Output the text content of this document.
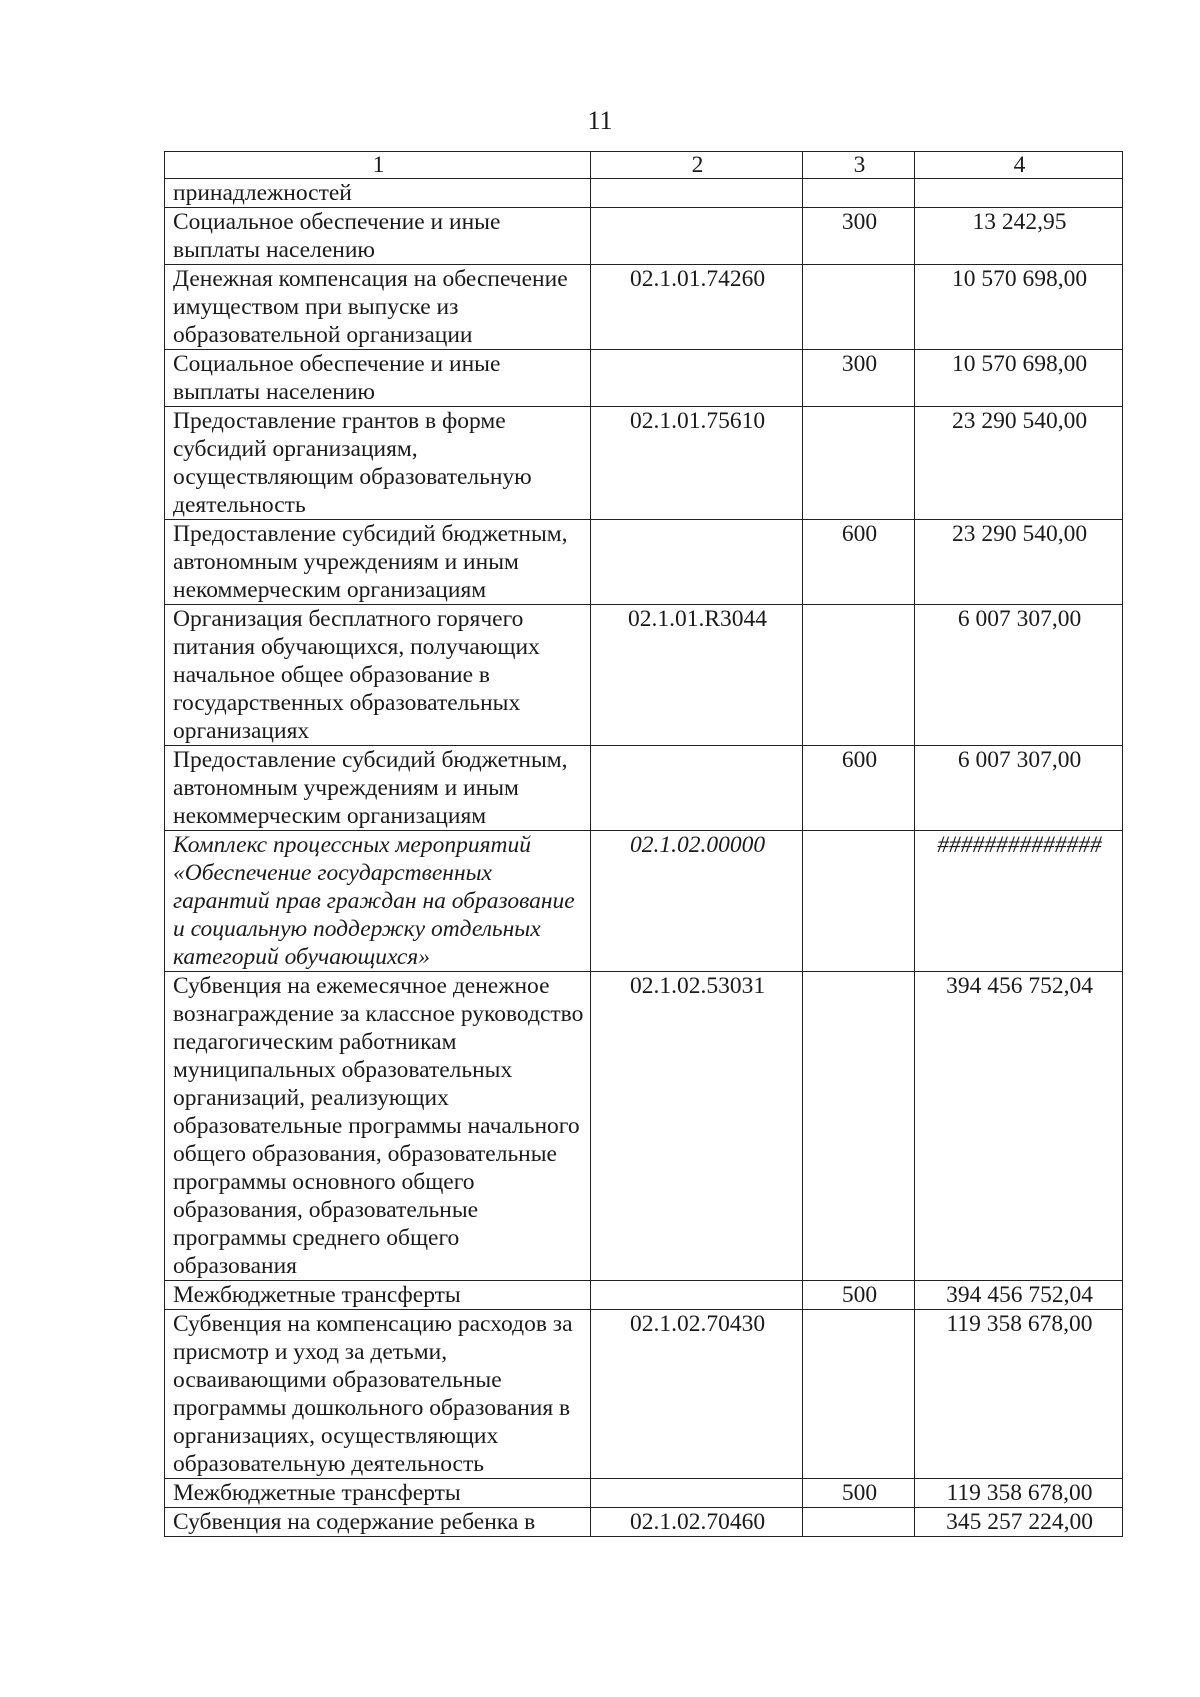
11
1	2	3	4
принадлежностей			
Социальное обеспечение и иные выплаты населению		300	13 242,95
Денежная компенсация на обеспечение имуществом при выпуске из образовательной организации	02.1.01.74260		10 570 698,00
Социальное обеспечение и иные выплаты населению		300	10 570 698,00
Предоставление грантов в форме субсидий организациям, осуществляющим образовательную деятельность	02.1.01.75610		23 290 540,00
Предоставление субсидий бюджетным, автономным учреждениям и иным некоммерческим организациям		600	23 290 540,00
Организация бесплатного горячего питания обучающихся, получающих начальное общее образование в государственных образовательных организациях	02.1.01.R3044		6 007 307,00
Предоставление субсидий бюджетным, автономным учреждениям и иным некоммерческим организациям		600	6 007 307,00
Комплекс процессных мероприятий «Обеспечение государственных гарантий прав граждан на образование и социальную поддержку отдельных категорий обучающихся»	02.1.02.00000		##############
Субвенция на ежемесячное денежное вознаграждение за классное руководство педагогическим работникам муниципальных образовательных организаций, реализующих образовательные программы начального общего образования, образовательные программы основного общего образования, образовательные программы среднего общего образования	02.1.02.53031		394 456 752,04
Межбюджетные трансферты		500	394 456 752,04
Субвенция на компенсацию расходов за присмотр и уход за детьми, осваивающими образовательные программы дошкольного образования в организациях, осуществляющих образовательную деятельность	02.1.02.70430		119 358 678,00
Межбюджетные трансферты		500	119 358 678,00
Субвенция на содержание ребенка в	02.1.02.70460		345 257 224,00
